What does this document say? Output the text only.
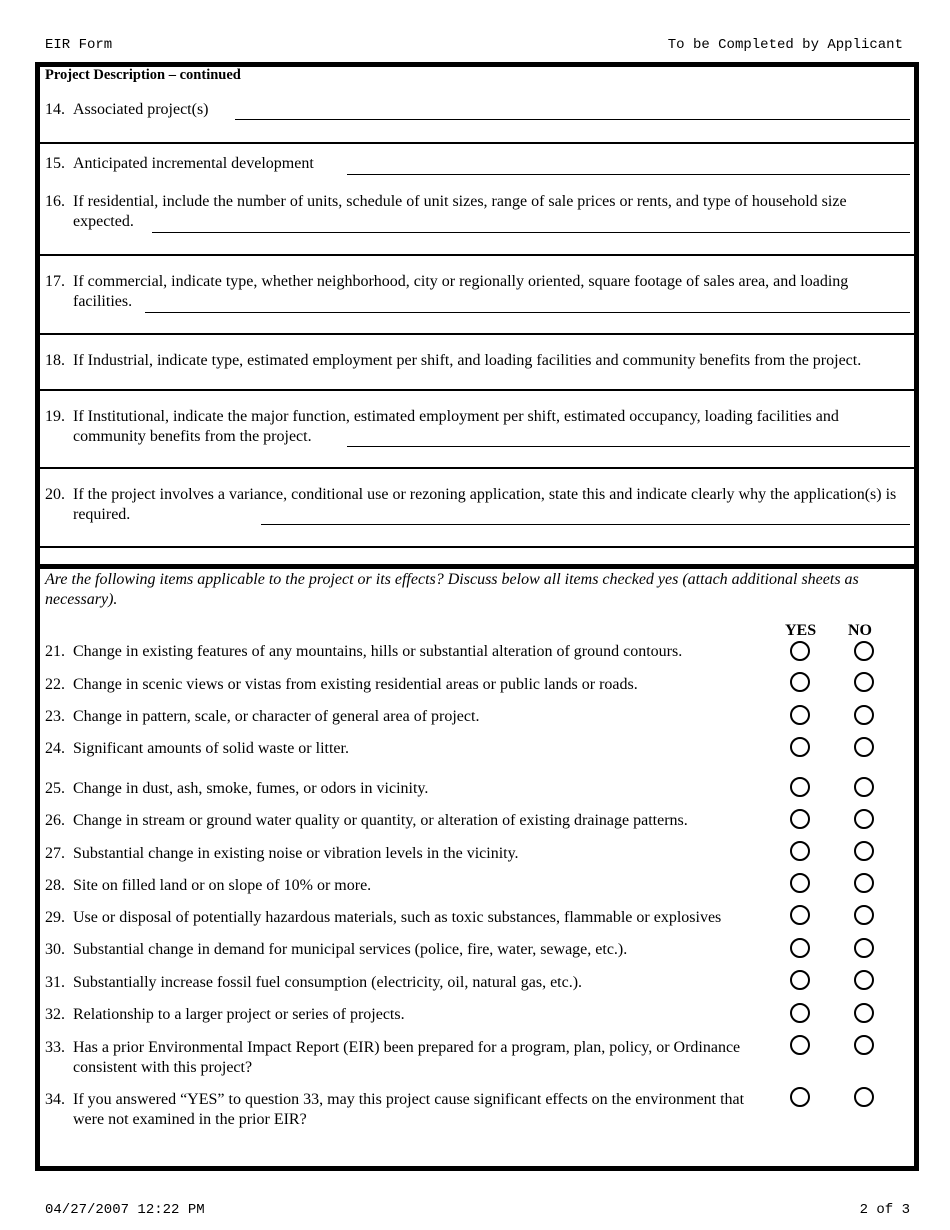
EIR Form	To be Completed by Applicant
Project Description – continued
14. Associated project(s)
15. Anticipated incremental development
16. If residential, include the number of units, schedule of unit sizes, range of sale prices or rents, and type of household size expected.
17. If commercial, indicate type, whether neighborhood, city or regionally oriented, square footage of sales area, and loading facilities.
18. If Industrial, indicate type, estimated employment per shift, and loading facilities and community benefits from the project.
19. If Institutional, indicate the major function, estimated employment per shift, estimated occupancy, loading facilities and community benefits from the project.
20. If the project involves a variance, conditional use or rezoning application, state this and indicate clearly why the application(s) is required.
Are the following items applicable to the project or its effects? Discuss below all items checked yes (attach additional sheets as necessary).
YES NO
21. Change in existing features of any mountains, hills or substantial alteration of ground contours.
22. Change in scenic views or vistas from existing residential areas or public lands or roads.
23. Change in pattern, scale, or character of general area of project.
24. Significant amounts of solid waste or litter.
25. Change in dust, ash, smoke, fumes, or odors in vicinity.
26. Change in stream or ground water quality or quantity, or alteration of existing drainage patterns.
27. Substantial change in existing noise or vibration levels in the vicinity.
28. Site on filled land or on slope of 10% or more.
29. Use or disposal of potentially hazardous materials, such as toxic substances, flammable or explosives
30. Substantial change in demand for municipal services (police, fire, water, sewage, etc.).
31. Substantially increase fossil fuel consumption (electricity, oil, natural gas, etc.).
32. Relationship to a larger project or series of projects.
33. Has a prior Environmental Impact Report (EIR) been prepared for a program, plan, policy, or Ordinance consistent with this project?
34. If you answered “YES” to question 33, may this project cause significant effects on the environment that were not examined in the prior EIR?
04/27/2007 12:22 PM	2 of 3
